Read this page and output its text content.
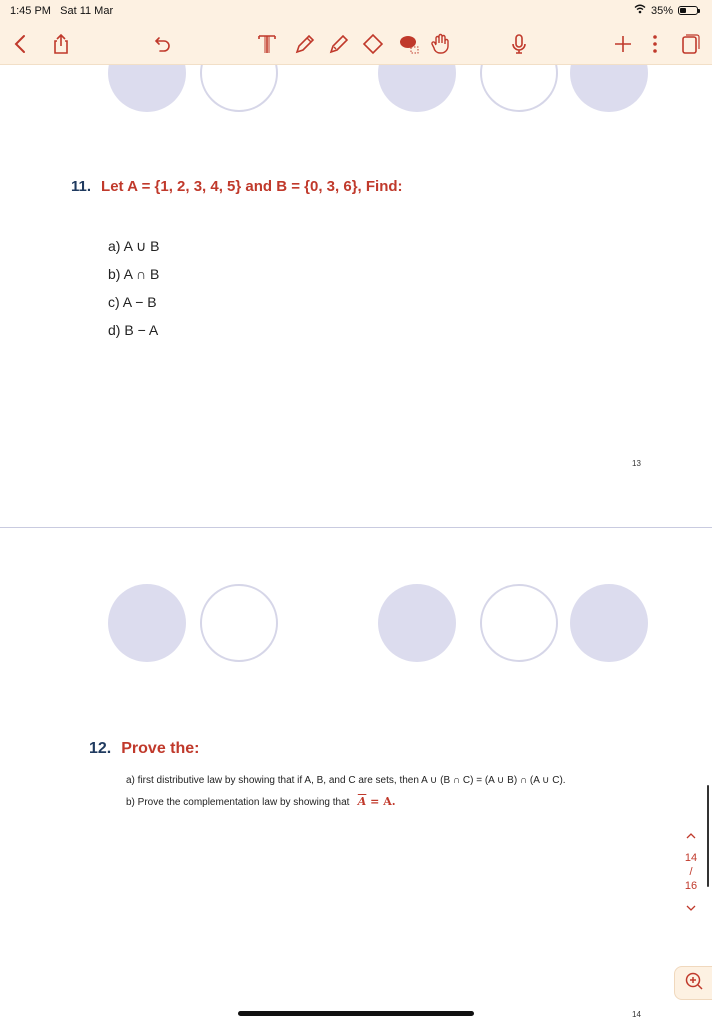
1:45 PM Sat 11 Mar	35%
11. Let A = {1, 2, 3, 4, 5} and B = {0, 3, 6}, Find:
a) A ∪ B
b) A ∩ B
c) A − B
d) B − A
13
12. Prove the:
a) first distributive law by showing that if A, B, and C are sets, then A ∪ (B ∩ C) = (A ∪ B) ∩ (A ∪ C).
b) Prove the complementation law by showing that $\overline{A} = A$.
14
14
/
16
